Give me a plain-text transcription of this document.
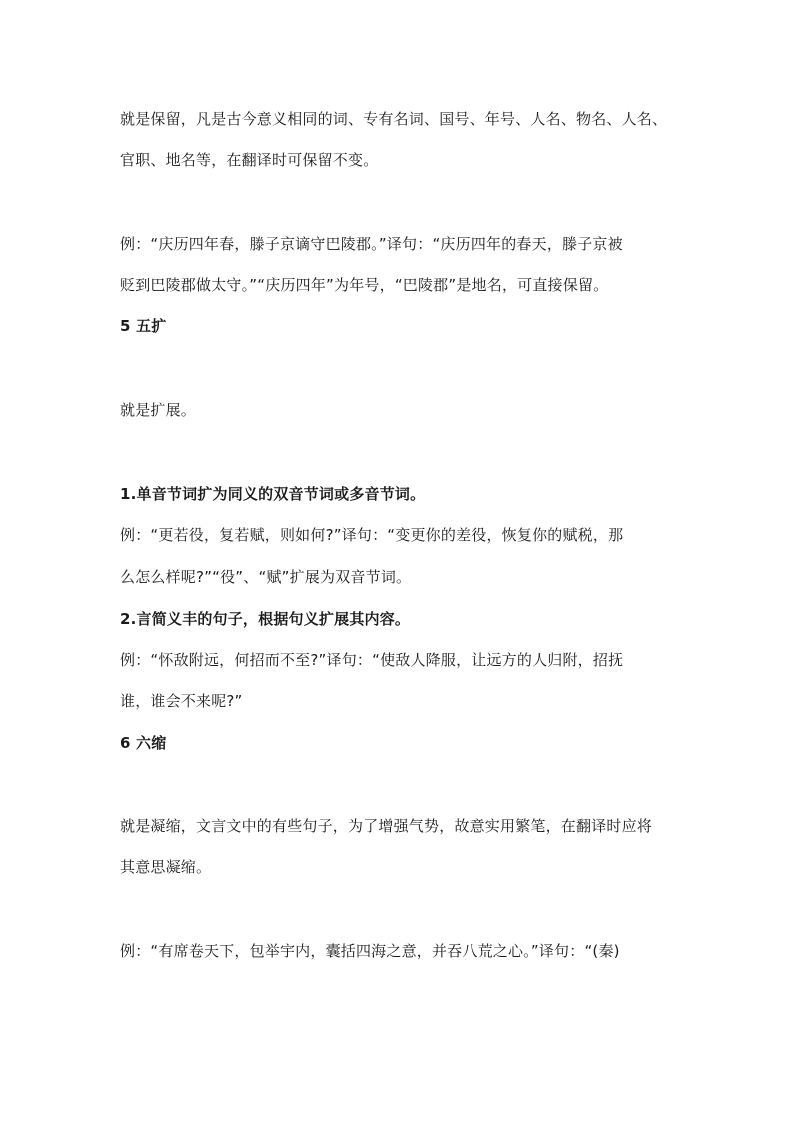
就是保留，凡是古今意义相同的词、专有名词、国号、年号、人名、物名、人名、
官职、地名等，在翻译时可保留不变。
例：“庆历四年春，滕子京谪守巴陵郡。”译句：“庆历四年的春天，滕子京被
贬到巴陵郡做太守。”“庆历四年”为年号，“巴陵郡”是地名，可直接保留。
5 五扩
就是扩展。
1.单音节词扩为同义的双音节词或多音节词。
例：“更若役，复若赋，则如何?”译句：“变更你的差役，恢复你的赋税，那
么怎么样呢?”“役”、“赋”扩展为双音节词。
2.言简义丰的句子，根据句义扩展其内容。
例：“怀敌附远，何招而不至?”译句：“使敌人降服，让远方的人归附，招抚
谁，谁会不来呢?”
6 六缩
就是凝缩，文言文中的有些句子，为了增强气势，故意实用繁笔，在翻译时应将
其意思凝缩。
例：“有席卷天下，包举宇内，囊括四海之意，并吞八荒之心。”译句：“(秦)
